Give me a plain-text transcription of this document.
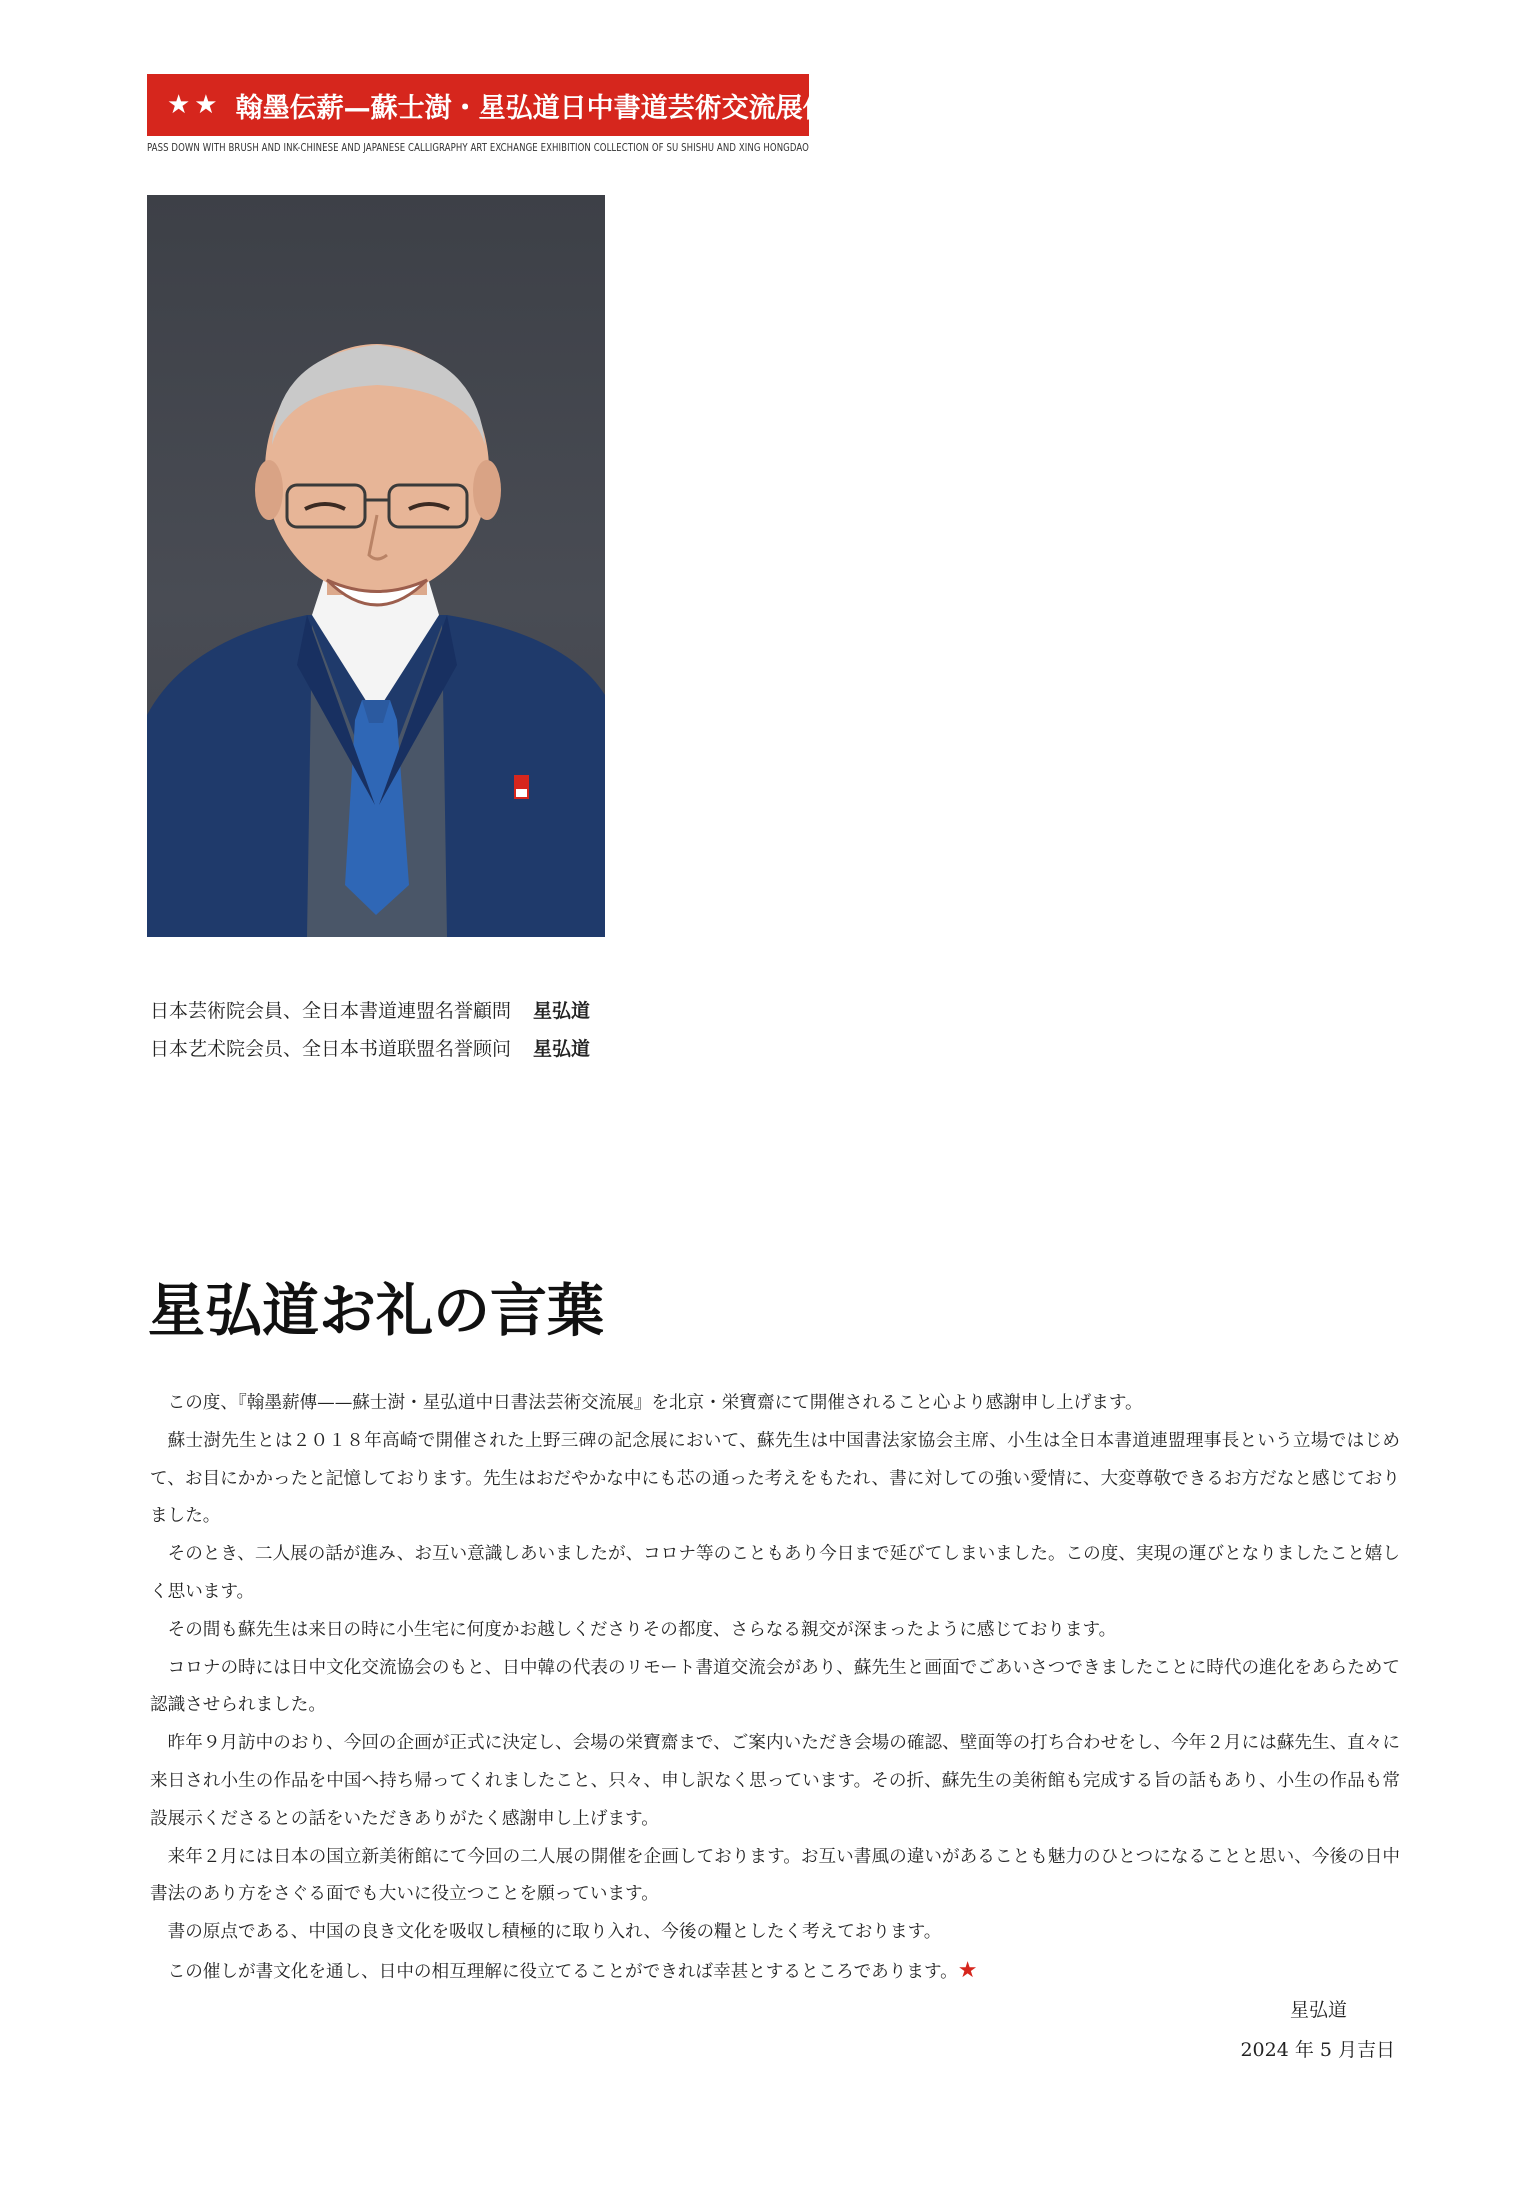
★★ 翰墨伝薪—蘇士澍・星弘道日中書道芸術交流展作品集
PASS DOWN WITH BRUSH AND INK-CHINESE AND JAPANESE CALLIGRAPHY ART EXCHANGE EXHIBITION COLLECTION OF SU SHISHU AND XING HONGDAO
日本芸術院会員、全日本書道連盟名誉顧問 星弘道
日本艺术院会员、全日本书道联盟名誉顾问 星弘道
星弘道お礼の言葉

この度、『翰墨薪傳——蘇士澍・星弘道中日書法芸術交流展』を北京・栄寶齋にて開催されること心より感謝申し上げます。

蘇士澍先生とは２０１８年高崎で開催された上野三碑の記念展において、蘇先生は中国書法家協会主席、小生は全日本書道連盟理事長という立場ではじめて、お目にかかったと記憶しております。先生はおだやかな中にも芯の通った考えをもたれ、書に対しての強い愛情に、大変尊敬できるお方だなと感じておりました。

そのとき、二人展の話が進み、お互い意識しあいましたが、コロナ等のこともあり今日まで延びてしまいました。この度、実現の運びとなりましたこと嬉しく思います。

その間も蘇先生は来日の時に小生宅に何度かお越しくださりその都度、さらなる親交が深まったように感じております。

コロナの時には日中文化交流協会のもと、日中韓の代表のリモート書道交流会があり、蘇先生と画面でごあいさつできましたことに時代の進化をあらためて認識させられました。

昨年９月訪中のおり、今回の企画が正式に決定し、会場の栄寶齋まで、ご案内いただき会場の確認、壁面等の打ち合わせをし、今年２月には蘇先生、直々に来日され小生の作品を中国へ持ち帰ってくれましたこと、只々、申し訳なく思っています。その折、蘇先生の美術館も完成する旨の話もあり、小生の作品も常設展示くださるとの話をいただきありがたく感謝申し上げます。

来年２月には日本の国立新美術館にて今回の二人展の開催を企画しております。お互い書風の違いがあることも魅力のひとつになることと思い、今後の日中書法のあり方をさぐる面でも大いに役立つことを願っています。

書の原点である、中国の良き文化を吸収し積極的に取り入れ、今後の糧としたく考えております。

この催しが書文化を通し、日中の相互理解に役立てることができれば幸甚とするところであります。★

星弘道
2024 年 5 月吉日
